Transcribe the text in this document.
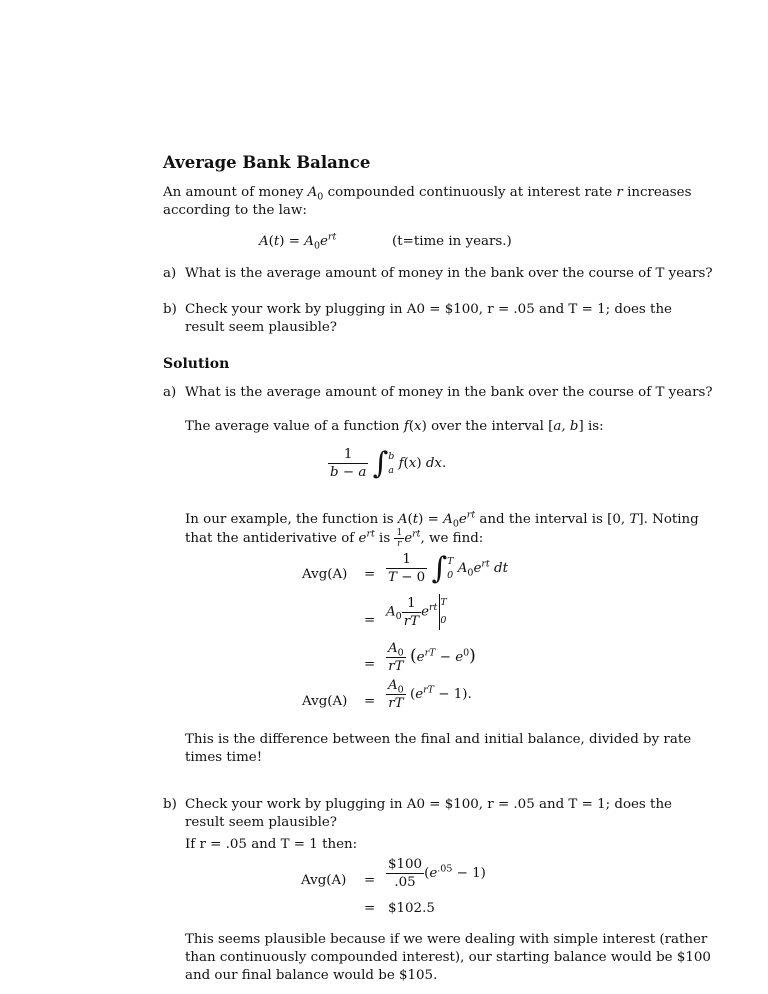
Average Bank Balance
An amount of money $A_0$ compounded continuously at interest rate r increases
according to the law:
$A(t) = A_0e^{rt}$	(t=time in years.)
a) What is the average amount of money in the bank over the course of T years?
b) Check your work by plugging in A0 = $100, r = .05 and T = 1; does the
result seem plausible?
Solution
a) What is the average amount of money in the bank over the course of T years?
The average value of a function f(x) over the interval [a, b] is:
$\frac{1}{b - a}$ ∫ b
a f(x) dx.
In our example, the function is $A(t) = A_0e^{rt}$ and the interval is [0, T]. Noting
that the antiderivative of $e^{rt}$ is $\frac{1}{r} e^{rt}$, we find:
$Avg(A) = \frac{1}{T - 0}$ ∫ T
0 $A_0e^{rt}$ dt
=
$A_0 \frac{1}{rT} e^{rt}$ T
0
= $\frac{A_0}{rT} (e^{rT} - e^0)$
$Avg(A) = \frac{A_0}{rT} (e^{rT} - 1)$.
This is the difference between the final and initial balance, divided by rate
times time!
b) Check your work by plugging in A0 = $100, r = .05 and T = 1; does the
result seem plausible?
If r = .05 and T = 1 then:
$Avg(A) = \frac{\$100}{.05} (e^{.05} - 1)$
= $102.5
This seems plausible because if we were dealing with simple interest (rather
than continuously compounded interest), our starting balance would be $100
and our final balance would be $105.
